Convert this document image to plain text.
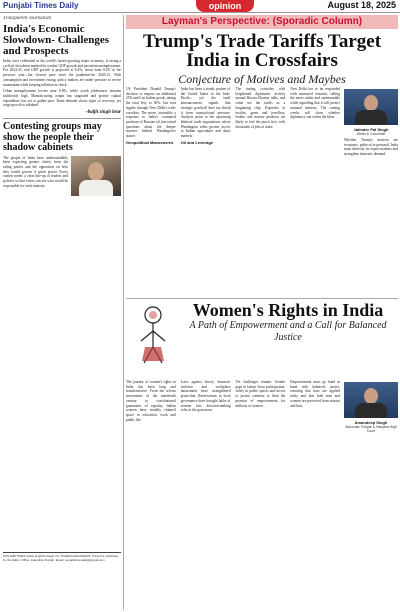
Punjabi Times Daily	opinion	August 18, 2025
Transparent Journalism
India's Economic Slowdown- Challenges and Prospects
India, once celebrated as the world's fastest-growing major economy, is facing a cyclical slowdown marked by weaker GDP growth and persistent unemployment. For 2024-25, real GDP growth is projected at 6.4%, down from 8.2% in the previous year—the slowest pace since the pandemic-hit 2020-21. With consumption and investment easing, policy makers are under pressure to revive momentum while keeping inflation in check.
Urban unemployment hovers near 6.8%, while youth joblessness remains stubbornly high. Manufacturing output has stagnated and private capital expenditure has yet to gather pace. Rural demand shows signs of recovery, yet wage growth is subdued.
-baljit singh brar
Contesting groups may show the people their shadow cabinets
The people of India have understandably been expecting greater clarity from the ruling parties and the opposition on how they would govern if given power. Every contest needs a clear line-up of leaders and policies so that voters can see who would be responsible for each ministry.
PUNJABI TIMES (Daily English) Regd. No. PUNENG/2011/40049. Printed & published by the Editor. Office: Jalandhar Punjab. Email: punjabitimesdaily@gmail.com
Layman's Perspective: (Sporadic Column)
Trump's Trade Tariffs Target
India in Crossfairs
Conjecture of Motives and Maybes
US President Donald Trump's decision to impose an additional 25% tariff on Indian goods, taking the total levy to 50%, has sent ripples through New Delhi's trade corridors. The move, ostensibly a response to India's continued purchase of Russian oil, has raised questions about the deeper motives behind Washington's stance.
Geopolitical Manoeuvres
India has been a steady partner of the United States in the Indo-Pacific, yet the tariff announcement signals that strategic goodwill does not shield it from transactional pressure. Analysts point to the upcoming bilateral trade negotiations where Washington seeks greater access to Indian agriculture and dairy markets.
Oil and Leverage
The timing coincides with heightened diplomatic activity around Russia-Ukraine talks, and some see the tariffs as a bargaining chip. Exporters of textiles, gems and jewellery, leather and marine products are likely to feel the pinch first, with thousands of jobs at stake.
New Delhi has so far responded with measured restraint, calling the move unfair and unreasonable while signalling that it will protect national interests. The coming weeks will show whether diplomacy can soften the blow.
Jatinder Pal Singh
Writer & Columnist
Whether Trump's motives are economic, political or personal, India must diversify its export markets and strengthen domestic demand.
Women's Rights in India
A Path of Empowerment and a Call for Balanced Justice
The journey of women's rights in India has been long and transformative. From the reform movements of the nineteenth century to constitutional guarantees of equality, Indian women have steadily claimed space in education, work and public life.
Laws against dowry, domestic violence and workplace harassment have strengthened protection. Reservations in local governance have brought lakhs of women into decision-making roles at the grassroots.
Yet challenges remain. Gender gaps in labour force participation, safety in public spaces and access to justice continue to limit the promise of empowerment for millions of women.
Empowerment must go hand in hand with balanced justice, ensuring that laws are applied fairly and that both men and women are protected from misuse and bias.
Amandeep Singh
Advocate, Punjab & Haryana High Court
